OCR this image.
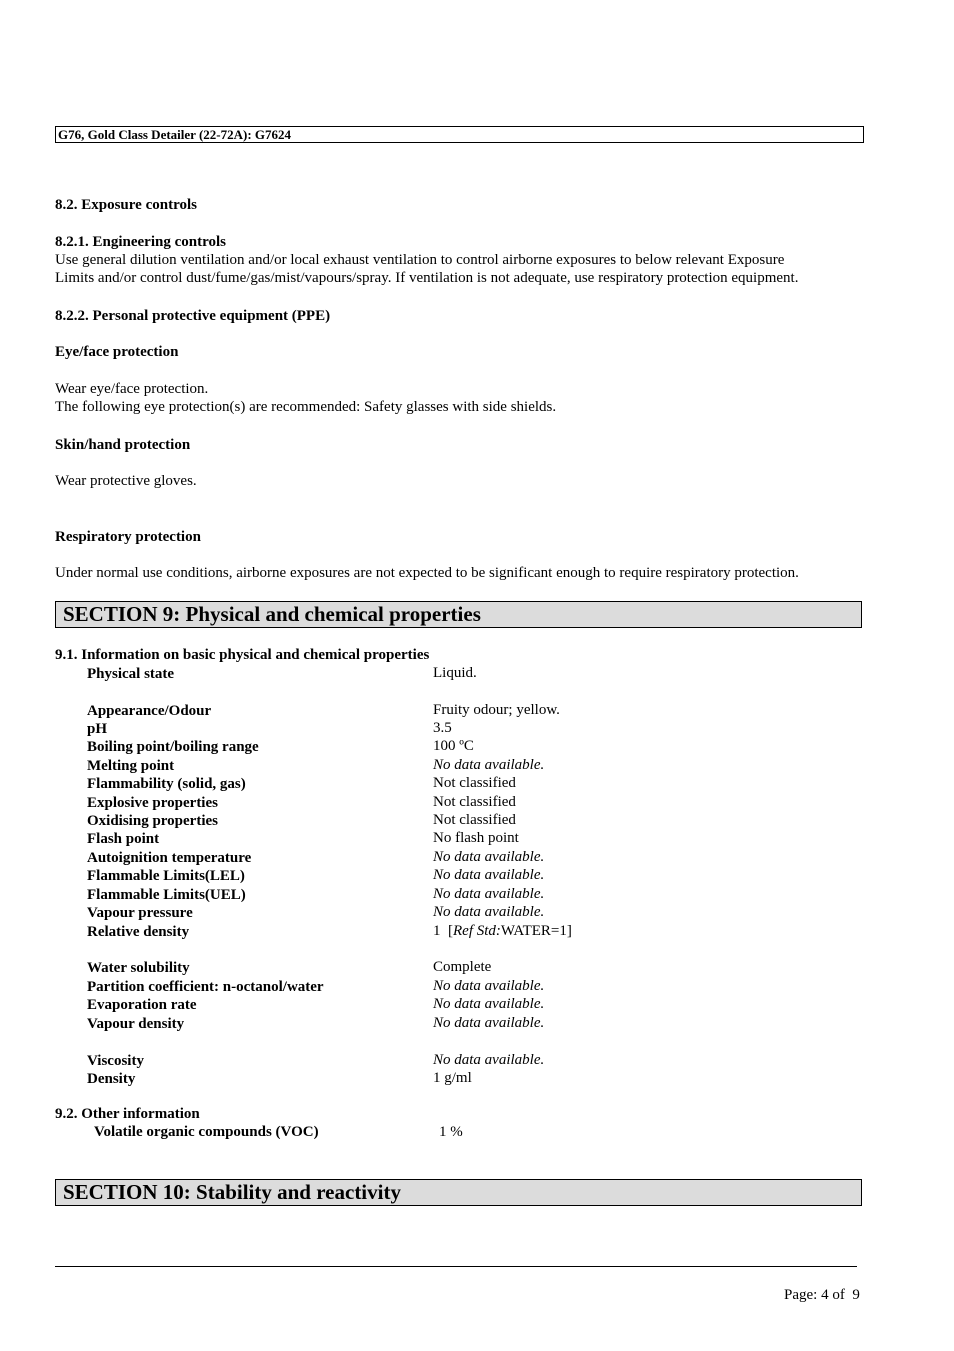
G76, Gold Class Detailer (22-72A): G7624
8.2. Exposure controls
8.2.1. Engineering controls
Use general dilution ventilation and/or local exhaust ventilation to control airborne exposures to below relevant Exposure
Limits and/or control dust/fume/gas/mist/vapours/spray. If ventilation is not adequate, use respiratory protection equipment.
8.2.2. Personal protective equipment (PPE)
Eye/face protection
Wear eye/face protection.
The following eye protection(s) are recommended: Safety glasses with side shields.
Skin/hand protection
Wear protective gloves.
Respiratory protection
Under normal use conditions, airborne exposures are not expected to be significant enough to require respiratory protection.
SECTION 9: Physical and chemical properties
9.1. Information on basic physical and chemical properties
Physical state	Liquid.
Appearance/Odour	Fruity odour; yellow.
pH	3.5
Boiling point/boiling range	100 ºC
Melting point	No data available.
Flammability (solid, gas)	Not classified
Explosive properties	Not classified
Oxidising properties	Not classified
Flash point	No flash point
Autoignition temperature	No data available.
Flammable Limits(LEL)	No data available.
Flammable Limits(UEL)	No data available.
Vapour pressure	No data available.
Relative density	1  [Ref Std:WATER=1]
Water solubility	Complete
Partition coefficient: n-octanol/water	No data available.
Evaporation rate	No data available.
Vapour density	No data available.
Viscosity	No data available.
Density	1 g/ml
9.2. Other information
Volatile organic compounds (VOC)	1 %
SECTION 10: Stability and reactivity
Page: 4 of  9
